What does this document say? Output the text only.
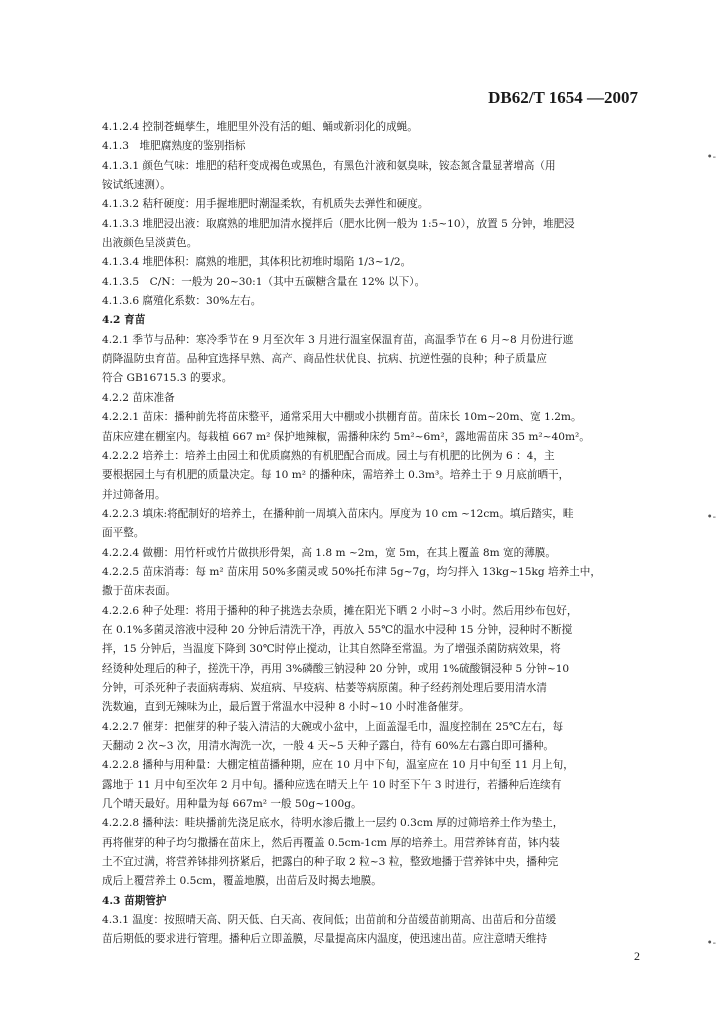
DB62/T 1654 —2007

4.1.2.4 控制苍蝇孳生，堆肥里外没有活的蛆、蛹或新羽化的成蝇。

4.1.3　堆肥腐熟度的鉴别指标

4.1.3.1 颜色气味：堆肥的秸秆变成褐色或黑色，有黑色汁液和氨臭味，铵态氮含量显著增高（用

铵试纸速测）。

4.1.3.2 秸秆硬度：用手握堆肥时潮湿柔软，有机质失去弹性和硬度。

4.1.3.3 堆肥浸出液：取腐熟的堆肥加清水搅拌后（肥水比例一般为 1:5~10），放置 5 分钟，堆肥浸

出液颜色呈淡黄色。

4.1.3.4 堆肥体积：腐熟的堆肥，其体积比初堆时塌陷 1/3~1/2。

4.1.3.5　C/N：一般为 20~30:1（其中五碳糖含量在 12% 以下）。

4.1.3.6 腐殖化系数：30%左右。

4.2 育苗

4.2.1 季节与品种：寒冷季节在 9 月至次年 3 月进行温室保温育苗，高温季节在 6 月~8 月份进行遮

荫降温防虫育苗。品种宜选择早熟、高产、商品性状优良、抗病、抗逆性强的良种；种子质量应

符合 GB16715.3 的要求。

4.2.2 苗床准备

4.2.2.1 苗床：播种前先将苗床整平，通常采用大中棚或小拱棚育苗。苗床长 10m~20m、宽 1.2m。

苗床应建在棚室内。每栽植 667 m² 保护地辣椒，需播种床约 5m²~6m²，露地需苗床 35 m²~40m²。

4.2.2.2 培养土：培养土由园土和优质腐熟的有机肥配合而成。园土与有机肥的比例为 6 ：4，主

要根据园土与有机肥的质量决定。每 10 m² 的播种床，需培养土 0.3m³。培养土于 9 月底前晒干，

并过筛备用。

4.2.2.3 填床:将配制好的培养土，在播种前一周填入苗床内。厚度为 10 cm ~12cm。填后踏实，畦

面平整。

4.2.2.4 做棚：用竹杆或竹片做拱形骨架，高 1.8 m ~2m，宽 5m，在其上覆盖 8m 宽的薄膜。

4.2.2.5 苗床消毒：每 m² 苗床用 50%多菌灵或 50%托布津 5g~7g，均匀拌入 13kg~15kg 培养土中，

撒于苗床表面。

4.2.2.6 种子处理：将用于播种的种子挑选去杂质，摊在阳光下晒 2 小时~3 小时。然后用纱布包好，

在 0.1%多菌灵溶液中浸种 20 分钟后清洗干净，再放入 55℃的温水中浸种 15 分钟，浸种时不断搅

拌，15 分钟后，当温度下降到 30℃时停止搅动，让其自然降至常温。为了增强杀菌防病效果，将

经烫种处理后的种子，搓洗干净，再用 3%磷酸三钠浸种 20 分钟，或用 1%硫酸铜浸种 5 分钟~10

分钟，可杀死种子表面病毒病、炭疽病、早疫病、枯萎等病原菌。种子经药剂处理后要用清水清

洗数遍，直到无辣味为止，最后置于常温水中浸种 8 小时~10 小时准备催芽。

4.2.2.7 催芽：把催芽的种子装入清洁的大碗或小盆中，上面盖湿毛巾，温度控制在 25℃左右，每

天翻动 2 次~3 次，用清水淘洗一次，一般 4 天~5 天种子露白，待有 60%左右露白即可播种。

4.2.2.8 播种与用种量：大棚定植苗播种期，应在 10 月中下旬，温室应在 10 月中旬至 11 月上旬，

露地于 11 月中旬至次年 2 月中旬。播种应选在晴天上午 10 时至下午 3 时进行，若播种后连续有

几个晴天最好。用种量为每 667m² 一般 50g~100g。

4.2.2.8 播种法：畦块播前先浇足底水，待明水渗后撒上一层约 0.3cm 厚的过筛培养土作为垫土，

再将催芽的种子均匀撒播在苗床上，然后再覆盖 0.5cm-1cm 厚的培养土。用营养钵育苗，钵内装

土不宜过满，将营养钵排列挤紧后，把露白的种子取 2 粒~3 粒，整致地播于营养钵中央，播种完

成后上覆营养土 0.5cm，覆盖地膜，出苗后及时揭去地膜。

4.3 苗期管护

4.3.1 温度：按照晴天高、阴天低、白天高、夜间低；出苗前和分苗缓苗前期高、出苗后和分苗缓

苗后期低的要求进行管理。播种后立即盖膜，尽量提高床内温度，使迅速出苗。应注意晴天维持

•-
•-
•-
2
